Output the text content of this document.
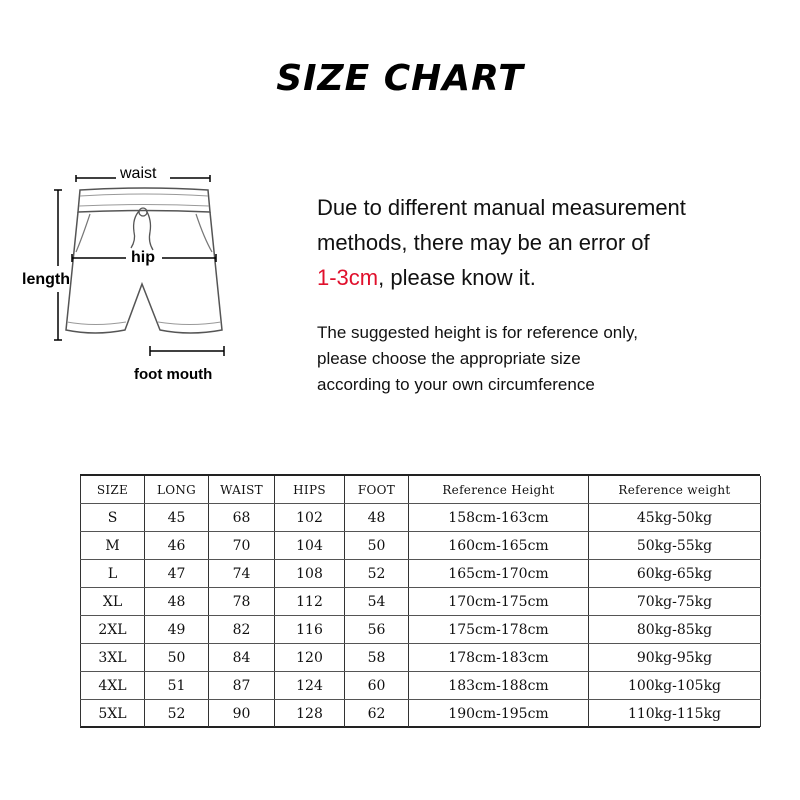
SIZE CHART
waist
hip
length
foot mouth
Due to different manual measurement
methods, there may be an error of
1-3cm, please know it.
The suggested height is for reference only,
please choose the appropriate size
according to your own circumference
SIZE	LONG	WAIST	HIPS	FOOT	Reference Height	Reference weight
S	45	68	102	48	158cm-163cm	45kg-50kg
M	46	70	104	50	160cm-165cm	50kg-55kg
L	47	74	108	52	165cm-170cm	60kg-65kg
XL	48	78	112	54	170cm-175cm	70kg-75kg
2XL	49	82	116	56	175cm-178cm	80kg-85kg
3XL	50	84	120	58	178cm-183cm	90kg-95kg
4XL	51	87	124	60	183cm-188cm	100kg-105kg
5XL	52	90	128	62	190cm-195cm	110kg-115kg
